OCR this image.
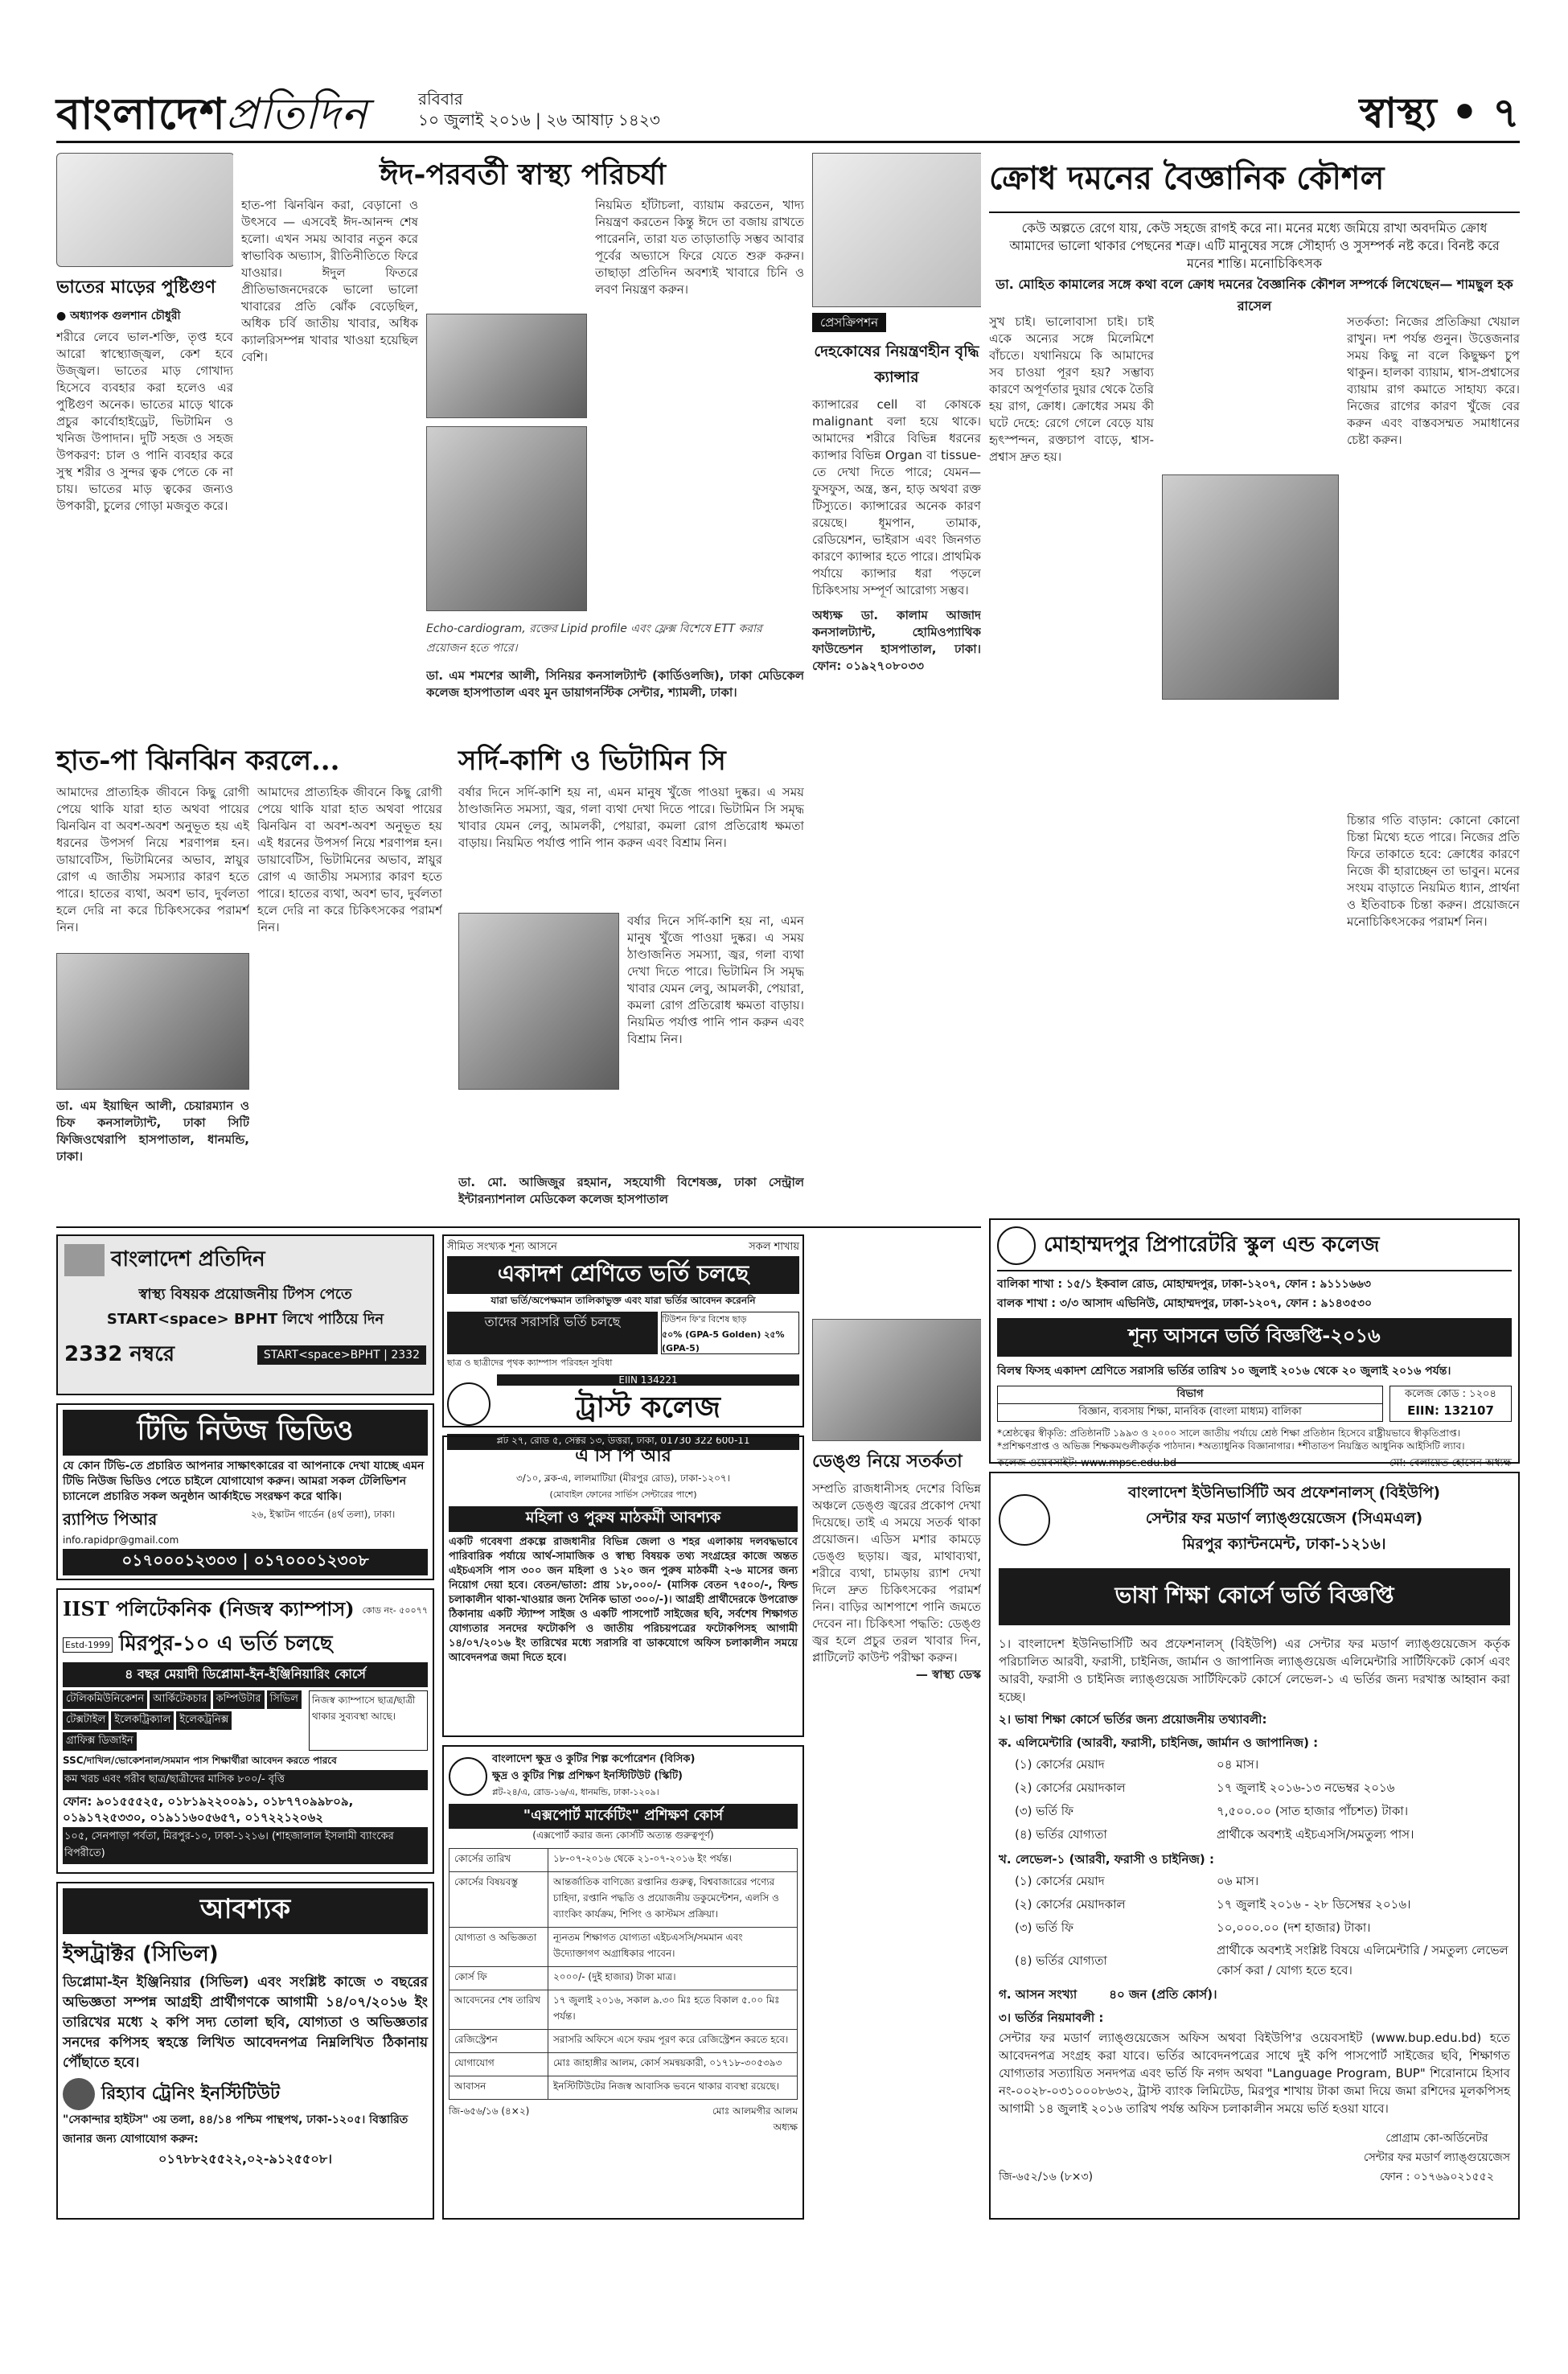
বাংলাদেশপ্রতিদিন	রবিবার
১০ জুলাই ২০১৬ | ২৬ আষাঢ় ১৪২৩	স্বাস্থ্য • ৭
ভাতের মাড়ের পুষ্টিগুণ
● অধ্যাপক গুলশান চৌধুরী
শরীরে লেবে ভাল-শক্তি, তৃপ্ত হবে আরো স্বাস্থ্যোজ্জ্বল, কেশ হবে উজ্জ্বল। ভাতের মাড় গোখাদ্য হিসেবে ব্যবহার করা হলেও এর পুষ্টিগুণ অনেক। ভাতের মাড়ে থাকে প্রচুর কার্বোহাইড্রেট, ভিটামিন ও খনিজ উপাদান। দুটি সহজ ও সহজ উপকরণ: চাল ও পানি ব্যবহার করে সুস্থ শরীর ও সুন্দর ত্বক পেতে কে না চায়। ভাতের মাড় ত্বকের জন্যও উপকারী, চুলের গোড়া মজবুত করে।
ঈদ-পরবর্তী স্বাস্থ্য পরিচর্যা
হাত-পা ঝিনঝিন করা, বেড়ানো ও উৎসবে — এসবেই ঈদ-আনন্দ শেষ হলো। এখন সময় আবার নতুন করে স্বাভাবিক অভ্যাস, রীতিনীতিতে ফিরে যাওয়ার। ঈদুল ফিতরে প্রীতিভাজনদেরকে ভালো ভালো খাবারের প্রতি ঝোঁক বেড়েছিল, অধিক চর্বি জাতীয় খাবার, অধিক ক্যালরিসম্পন্ন খাবার খাওয়া হয়েছিল বেশি।
নিয়মিত হাঁটাচলা, ব্যায়াম করতেন, খাদ্য নিয়ন্ত্রণ করতেন কিন্তু ঈদে তা বজায় রাখতে পারেননি, তারা যত তাড়াতাড়ি সম্ভব আবার পূর্বের অভ্যাসে ফিরে যেতে শুরু করুন। তাছাড়া প্রতিদিন অবশ্যই খাবারে চিনি ও লবণ নিয়ন্ত্রণ করুন।
Echo-cardiogram, রক্তের Lipid profile এবং ফ্লেক্স বিশেষে ETT করার প্রয়োজন হতে পারে।
ডা. এম শমশের আলী, সিনিয়র কনসালট্যান্ট (কার্ডিওলজি), ঢাকা মেডিকেল কলেজ হাসপাতাল এবং মুন ডায়াগনস্টিক সেন্টার, শ্যামলী, ঢাকা।
প্রেসক্রিপশন
দেহকোষের নিয়ন্ত্রণহীন বৃদ্ধি ক্যান্সার
ক্যান্সারের cell বা কোষকে malignant বলা হয়ে থাকে। আমাদের শরীরে বিভিন্ন ধরনের ক্যান্সার বিভিন্ন Organ বা tissue-তে দেখা দিতে পারে; যেমন— ফুসফুস, অন্ত্র, স্তন, হাড় অথবা রক্ত টিস্যুতে। ক্যান্সারের অনেক কারণ রয়েছে। ধূমপান, তামাক, রেডিয়েশন, ভাইরাস এবং জিনগত কারণে ক্যান্সার হতে পারে। প্রাথমিক পর্যায়ে ক্যান্সার ধরা পড়লে চিকিৎসায় সম্পূর্ণ আরোগ্য সম্ভব।
অধ্যক্ষ ডা. কালাম আজাদ কনসালট্যান্ট, হোমিওপ্যাথিক ফাউন্ডেশন হাসপাতাল, ঢাকা। ফোন: ০১৯২৭০৮০৩৩
ক্রোধ দমনের বৈজ্ঞানিক কৌশল
কেউ অল্পতে রেগে যায়, কেউ সহজে রাগই করে না। মনের মধ্যে জমিয়ে রাখা অবদমিত ক্রোধ আমাদের ভালো থাকার পেছনের শত্রু। এটি মানুষের সঙ্গে সৌহার্দ্য ও সুসম্পর্ক নষ্ট করে। বিনষ্ট করে মনের শান্তি। মনোচিকিৎসক
ডা. মোহিত কামালের সঙ্গে কথা বলে ক্রোধ দমনের বৈজ্ঞানিক কৌশল সম্পর্কে লিখেছেন— শামছুল হক রাসেল
সুখ চাই। ভালোবাসা চাই। চাই একে অন্যের সঙ্গে মিলেমিশে বাঁচতে। যথানিয়মে কি আমাদের সব চাওয়া পূরণ হয়? সম্ভাব্য কারণে অপূর্ণতার দুয়ার থেকে তৈরি হয় রাগ, ক্রোধ। ক্রোধের সময় কী ঘটে দেহে: রেগে গেলে বেড়ে যায় হৃৎস্পন্দন, রক্তচাপ বাড়ে, শ্বাস-প্রশ্বাস দ্রুত হয়।
সতর্কতা: নিজের প্রতিক্রিয়া খেয়াল রাখুন। দশ পর্যন্ত গুনুন। উত্তেজনার সময় কিছু না বলে কিছুক্ষণ চুপ থাকুন। হালকা ব্যায়াম, শ্বাস-প্রশ্বাসের ব্যায়াম রাগ কমাতে সাহায্য করে। নিজের রাগের কারণ খুঁজে বের করুন এবং বাস্তবসম্মত সমাধানের চেষ্টা করুন।
চিন্তার গতি বাড়ান: কোনো কোনো চিন্তা মিথ্যে হতে পারে। নিজের প্রতি ফিরে তাকাতে হবে: ক্রোধের কারণে নিজে কী হারাচ্ছেন তা ভাবুন। মনের সংযম বাড়াতে নিয়মিত ধ্যান, প্রার্থনা ও ইতিবাচক চিন্তা করুন। প্রয়োজনে মনোচিকিৎসকের পরামর্শ নিন।
হাত-পা ঝিনঝিন করলে...
আমাদের প্রাত্যহিক জীবনে কিছু রোগী পেয়ে থাকি যারা হাত অথবা পায়ের ঝিনঝিন বা অবশ-অবশ অনুভূত হয় এই ধরনের উপসর্গ নিয়ে শরণাপন্ন হন। ডায়াবেটিস, ভিটামিনের অভাব, স্নায়ুর রোগ এ জাতীয় সমস্যার কারণ হতে পারে। হাতের ব্যথা, অবশ ভাব, দুর্বলতা হলে দেরি না করে চিকিৎসকের পরামর্শ নিন।
আমাদের প্রাত্যহিক জীবনে কিছু রোগী পেয়ে থাকি যারা হাত অথবা পায়ের ঝিনঝিন বা অবশ-অবশ অনুভূত হয় এই ধরনের উপসর্গ নিয়ে শরণাপন্ন হন। ডায়াবেটিস, ভিটামিনের অভাব, স্নায়ুর রোগ এ জাতীয় সমস্যার কারণ হতে পারে। হাতের ব্যথা, অবশ ভাব, দুর্বলতা হলে দেরি না করে চিকিৎসকের পরামর্শ নিন।
ডা. এম ইয়াছিন আলী, চেয়ারম্যান ও চিফ কনসালট্যান্ট, ঢাকা সিটি ফিজিওথেরাপি হাসপাতাল, ধানমন্ডি, ঢাকা।
সর্দি-কাশি ও ভিটামিন সি
বর্ষার দিনে সর্দি-কাশি হয় না, এমন মানুষ খুঁজে পাওয়া দুষ্কর। এ সময় ঠাণ্ডাজনিত সমস্যা, জ্বর, গলা ব্যথা দেখা দিতে পারে। ভিটামিন সি সমৃদ্ধ খাবার যেমন লেবু, আমলকী, পেয়ারা, কমলা রোগ প্রতিরোধ ক্ষমতা বাড়ায়। নিয়মিত পর্যাপ্ত পানি পান করুন এবং বিশ্রাম নিন।
বর্ষার দিনে সর্দি-কাশি হয় না, এমন মানুষ খুঁজে পাওয়া দুষ্কর। এ সময় ঠাণ্ডাজনিত সমস্যা, জ্বর, গলা ব্যথা দেখা দিতে পারে। ভিটামিন সি সমৃদ্ধ খাবার যেমন লেবু, আমলকী, পেয়ারা, কমলা রোগ প্রতিরোধ ক্ষমতা বাড়ায়। নিয়মিত পর্যাপ্ত পানি পান করুন এবং বিশ্রাম নিন।
ডা. মো. আজিজুর রহমান, সহযোগী বিশেষজ্ঞ, ঢাকা সেন্ট্রাল ইন্টারন্যাশনাল মেডিকেল কলেজ হাসপাতাল
মোহাম্মদপুর প্রিপারেটরি স্কুল এন্ড কলেজ
বালিকা শাখা : ১৫/১ ইকবাল রোড, মোহাম্মদপুর, ঢাকা-১২০৭, ফোন : ৯১১১৬৬৩
বালক শাখা : ৩/৩ আসাদ এভিনিউ, মোহাম্মদপুর, ঢাকা-১২০৭, ফোন : ৯১৪৩৫৩০
শূন্য আসনে ভর্তি বিজ্ঞপ্তি-২০১৬
বিলম্ব ফিসহ একাদশ শ্রেণিতে সরাসরি ভর্তির তারিখ ১০ জুলাই ২০১৬ থেকে ২০ জুলাই ২০১৬ পর্যন্ত।
বিভাগ
বিজ্ঞান, ব্যবসায় শিক্ষা, মানবিক (বাংলা মাধ্যম) বালিকা
কলেজ কোড : ১২০৪
EIIN: 132107
*শ্রেষ্ঠত্বের স্বীকৃতি: প্রতিষ্ঠানটি ১৯৯৩ ও ২০০০ সালে জাতীয় পর্যায়ে শ্রেষ্ঠ শিক্ষা প্রতিষ্ঠান হিসেবে রাষ্ট্রীয়ভাবে স্বীকৃতিপ্রাপ্ত। *প্রশিক্ষণপ্রাপ্ত ও অভিজ্ঞ শিক্ষকমণ্ডলীকর্তৃক পাঠদান। *অত্যাধুনিক বিজ্ঞানাগার। *শীতাতপ নিয়ন্ত্রিত আধুনিক আইসিটি ল্যাব।
কলেজ ওয়েবসাইট: www.mpsc.edu.bd	মো: বেলায়েত হোসেন অধ্যক্ষ
বাংলাদেশ প্রতিদিন
স্বাস্থ্য বিষয়ক প্রয়োজনীয় টিপস পেতে
START<space> BPHT লিখে পাঠিয়ে দিন
2332 নম্বরে	START<space>BPHT | 2332
টিভি নিউজ ভিডিও
যে কোন টিভি-তে প্রচারিত আপনার সাক্ষাৎকারের বা আপনাকে দেখা যাচ্ছে এমন টিভি নিউজ ভিডিও পেতে চাইলে যোগাযোগ করুন। আমরা সকল টেলিভিশন চ্যানেলে প্রচারিত সকল অনুষ্ঠান আর্কাইভে সংরক্ষণ করে থাকি।
র‍্যাপিড পিআর
info.rapidpr@gmail.com
২৬, ইস্কাটন গার্ডেন (৪র্থ তলা), ঢাকা।
০১৭০০০১২৩০৩ | ০১৭০০০১২৩০৮
IIST পলিটেকনিক (নিজস্ব ক্যাম্পাস) কোড নং- ৫০০৭৭
Estd-1999 মিরপুর-১০ এ ভর্তি চলছে
৪ বছর মেয়াদী ডিপ্লোমা-ইন-ইঞ্জিনিয়ারিং কোর্সে
টেলিকমিউনিকেশন আর্কিটেকচার কম্পিউটার সিভিল
টেক্সটাইল ইলেকট্রিক্যাল ইলেকট্রনিক্স
গ্রাফিক্স ডিজাইন
নিজস্ব ক্যাম্পাসে ছাত্র/ছাত্রী থাকার সুব্যবস্থা আছে।
SSC/দাখিল/ভোকেশনাল/সমমান পাস শিক্ষার্থীরা আবেদন করতে পারবে
কম খরচ এবং গরীব ছাত্র/ছাত্রীদের মাসিক ৮০০/- বৃত্তি
ফোন: ৯০১৫৫৫২৫, ০১৮১৯২২০০৯১, ০১৮৭৭০৯৯৮০৯, ০১৯১৭২৫৩৩০, ০১৯১১৬০৫৬৫৭, ০১৭২২১২০৬২
১০৫, সেনপাড়া পর্বতা, মিরপুর-১০, ঢাকা-১২১৬। (শাহজালাল ইসলামী ব্যাংকের বিপরীতে)
আবশ্যক
ইন্সট্রাক্টর (সিভিল)
ডিপ্লোমা-ইন ইঞ্জিনিয়ার (সিভিল) এবং সংশ্লিষ্ট কাজে ৩ বছরের অভিজ্ঞতা সম্পন্ন আগ্রহী প্রার্থীগণকে আগামী ১৪/০৭/২০১৬ ইং তারিখের মধ্যে ২ কপি সদ্য তোলা ছবি, যোগ্যতা ও অভিজ্ঞতার সনদের কপিসহ স্বহস্তে লিখিত আবেদনপত্র নিম্নলিখিত ঠিকানায় পৌঁছাতে হবে।
রিহ্যাব ট্রেনিং ইনস্টিটিউট
"সেকান্দার হাইটস" ৩য় তলা, ৪৪/১৪ পশ্চিম পান্থপথ, ঢাকা-১২০৫। বিস্তারিত জানার জন্য যোগাযোগ করুন:
০১৭৮৮২৫৫২২,০২-৯১২৫৫০৮।
সীমিত সংখ্যক শূন্য আসনে	সকল শাখায়
একাদশ শ্রেণিতে ভর্তি চলছে
যারা ভর্তি/অপেক্ষমান তালিকাভুক্ত এবং যারা ভর্তির আবেদন করেননি
তাদের সরাসরি ভর্তি চলছে	টিউশন ফি'র বিশেষ ছাড়
৫০% (GPA-5 Golden) ২৫% (GPA-5)
ছাত্র ও ছাত্রীদের পৃথক ক্যাম্পাস পরিবহন সুবিধা
EIIN 134221
ট্রাস্ট কলেজ
প্লট ২৭, রোড ৫, সেক্টর ১৩, উত্তরা, ঢাকা, 01730 322 600-11
এ সি পি আর
৩/১০, ব্লক-এ, লালমাটিয়া (মীরপুর রোড), ঢাকা-১২০৭।
(মোবাইল ফোনের সার্ভিস সেন্টারের পাশে)
মহিলা ও পুরুষ মাঠকর্মী আবশ্যক
একটি গবেষণা প্রকল্পে রাজধানীর বিভিন্ন জেলা ও শহর এলাকায় দলবদ্ধভাবে পারিবারিক পর্যায়ে আর্থ-সামাজিক ও স্বাস্থ্য বিষয়ক তথ্য সংগ্রহের কাজে অন্তত এইচএসসি পাস ৩০০ জন মহিলা ও ১২০ জন পুরুষ মাঠকর্মী ২-৬ মাসের জন্য নিয়োগ দেয়া হবে। বেতন/ভাতা: প্রায় ১৮,০০০/- (মাসিক বেতন ৭৫০০/-, ফিল্ড চলাকালীন থাকা-খাওয়ার জন্য দৈনিক ভাতা ৩০০/-)। আগ্রহী প্রার্থীদেরকে উপরোক্ত ঠিকানায় একটি স্ট্যাম্প সাইজ ও একটি পাসপোর্ট সাইজের ছবি, সর্বশেষ শিক্ষাগত যোগ্যতার সনদের ফটোকপি ও জাতীয় পরিচয়পত্রের ফটোকপিসহ আগামী ১৪/০৭/২০১৬ ইং তারিখের মধ্যে সরাসরি বা ডাকযোগে অফিস চলাকালীন সময়ে আবেদনপত্র জমা দিতে হবে।
বাংলাদেশ ক্ষুদ্র ও কুটির শিল্প কর্পোরেশন (বিসিক)
ক্ষুদ্র ও কুটির শিল্প প্রশিক্ষণ ইনস্টিটিউট (স্কিটি)
প্লট-২৪/এ, রোড-১৬/এ, ধানমন্ডি, ঢাকা-১২০৯।
"এক্সপোর্ট মার্কেটিং" প্রশিক্ষণ কোর্স
(এক্সপোর্ট করার জন্য কোর্সটি অত্যন্ত গুরুত্বপূর্ণ)
কোর্সের তারিখ	১৮-০৭-২০১৬ থেকে ২১-০৭-২০১৬ ইং পর্যন্ত।
কোর্সের বিষয়বস্তু	আন্তর্জাতিক বাণিজ্যে রপ্তানির গুরুত্ব, বিশ্ববাজারের পণ্যের চাহিদা, রপ্তানি পদ্ধতি ও প্রয়োজনীয় ডকুমেন্টেশন, এলসি ও ব্যাংকিং কার্যক্রম, শিপিং ও কাস্টমস প্রক্রিয়া।
যোগ্যতা ও অভিজ্ঞতা	ন্যূনতম শিক্ষাগত যোগ্যতা এইচএসসি/সমমান এবং উদ্যোক্তাগণ অগ্রাধিকার পাবেন।
কোর্স ফি	২০০০/- (দুই হাজার) টাকা মাত্র।
আবেদনের শেষ তারিখ	১৭ জুলাই ২০১৬, সকাল ৯.৩০ মিঃ হতে বিকাল ৫.০০ মিঃ পর্যন্ত।
রেজিস্ট্রেশন	সরাসরি অফিসে এসে ফরম পূরণ করে রেজিস্ট্রেশন করতে হবে।
যোগাযোগ	মোঃ জাহাঙ্গীর আলম, কোর্স সমন্বয়কারী, ০১৭১৮-৩০৫৩৯৩
আবাসন	ইনস্টিটিউটের নিজস্ব আবাসিক ভবনে থাকার ব্যবস্থা রয়েছে।
জি-৬৫৬/১৬ (৪×২)	মোঃ আলমগীর আলম
অধ্যক্ষ
ডেঙ্গু নিয়ে সতর্কতা
সম্প্রতি রাজধানীসহ দেশের বিভিন্ন অঞ্চলে ডেঙ্গু জ্বরের প্রকোপ দেখা দিয়েছে। তাই এ সময়ে সতর্ক থাকা প্রয়োজন। এডিস মশার কামড়ে ডেঙ্গু ছড়ায়। জ্বর, মাথাব্যথা, শরীরে ব্যথা, চামড়ায় র‍্যাশ দেখা দিলে দ্রুত চিকিৎসকের পরামর্শ নিন। বাড়ির আশপাশে পানি জমতে দেবেন না। চিকিৎসা পদ্ধতি: ডেঙ্গু জ্বর হলে প্রচুর তরল খাবার দিন, প্লাটিলেট কাউন্ট পরীক্ষা করুন।
— স্বাস্থ্য ডেস্ক
বাংলাদেশ ইউনিভার্সিটি অব প্রফেশনালস্ (বিইউপি)
সেন্টার ফর মডার্ণ ল্যাঙ্গুয়েজেস (সিএমএল)
মিরপুর ক্যান্টনমেন্ট, ঢাকা-১২১৬।
ভাষা শিক্ষা কোর্সে ভর্তি বিজ্ঞপ্তি
১। বাংলাদেশ ইউনিভার্সিটি অব প্রফেশনালস্ (বিইউপি) এর সেন্টার ফর মডার্ণ ল্যাঙ্গুয়েজেস কর্তৃক পরিচালিত আরবী, ফরাসী, চাইনিজ, জার্মান ও জাপানিজ ল্যাঙ্গুয়েজ এলিমেন্টারি সার্টিফিকেট কোর্স এবং আরবী, ফরাসী ও চাইনিজ ল্যাঙ্গুয়েজ সার্টিফিকেট কোর্সে লেভেল-১ এ ভর্তির জন্য দরখাস্ত আহ্বান করা হচ্ছে।
২। ভাষা শিক্ষা কোর্সে ভর্তির জন্য প্রয়োজনীয় তথ্যাবলী:
ক. এলিমেন্টারি (আরবী, ফরাসী, চাইনিজ, জার্মান ও জাপানিজ) :
(১) কোর্সের মেয়াদ	০৪ মাস।
(২) কোর্সের মেয়াদকাল	১৭ জুলাই ২০১৬-১৩ নভেম্বর ২০১৬
(৩) ভর্তি ফি	৭,৫০০.০০ (সাত হাজার পাঁচশত) টাকা।
(৪) ভর্তির যোগ্যতা	প্রার্থীকে অবশ্যই এইচএসসি/সমতুল্য পাস।
খ. লেভেল-১ (আরবী, ফরাসী ও চাইনিজ) :
(১) কোর্সের মেয়াদ	০৬ মাস।
(২) কোর্সের মেয়াদকাল	১৭ জুলাই ২০১৬ - ২৮ ডিসেম্বর ২০১৬।
(৩) ভর্তি ফি	১০,০০০.০০ (দশ হাজার) টাকা।
(৪) ভর্তির যোগ্যতা	প্রার্থীকে অবশ্যই সংশ্লিষ্ট বিষয়ে এলিমেন্টারি / সমতুল্য লেভেল কোর্স করা / যোগ্য হতে হবে।
গ. আসন সংখ্যা	৪০ জন (প্রতি কোর্স)।
৩। ভর্তির নিয়মাবলী :
সেন্টার ফর মডার্ণ ল্যাঙ্গুয়েজেস অফিস অথবা বিইউপি'র ওয়েবসাইট (www.bup.edu.bd) হতে আবেদনপত্র সংগ্রহ করা যাবে। ভর্তির আবেদনপত্রের সাথে দুই কপি পাসপোর্ট সাইজের ছবি, শিক্ষাগত যোগ্যতার সত্যায়িত সনদপত্র এবং ভর্তি ফি নগদ অথবা "Language Program, BUP" শিরোনামে হিসাব নং-০০২৮-০৩১০০০৮৬৩২, ট্রাস্ট ব্যাংক লিমিটেড, মিরপুর শাখায় টাকা জমা দিয়ে জমা রশিদের মূলকপিসহ আগামী ১৪ জুলাই ২০১৬ তারিখ পর্যন্ত অফিস চলাকালীন সময়ে ভর্তি হওয়া যাবে।
জি-৬৫২/১৬ (৮×৩)
প্রোগ্রাম কো-অর্ডিনেটর
সেন্টার ফর মডার্ণ ল্যাঙ্গুয়েজেস
ফোন : ০১৭৬৯০২১৫৫২
